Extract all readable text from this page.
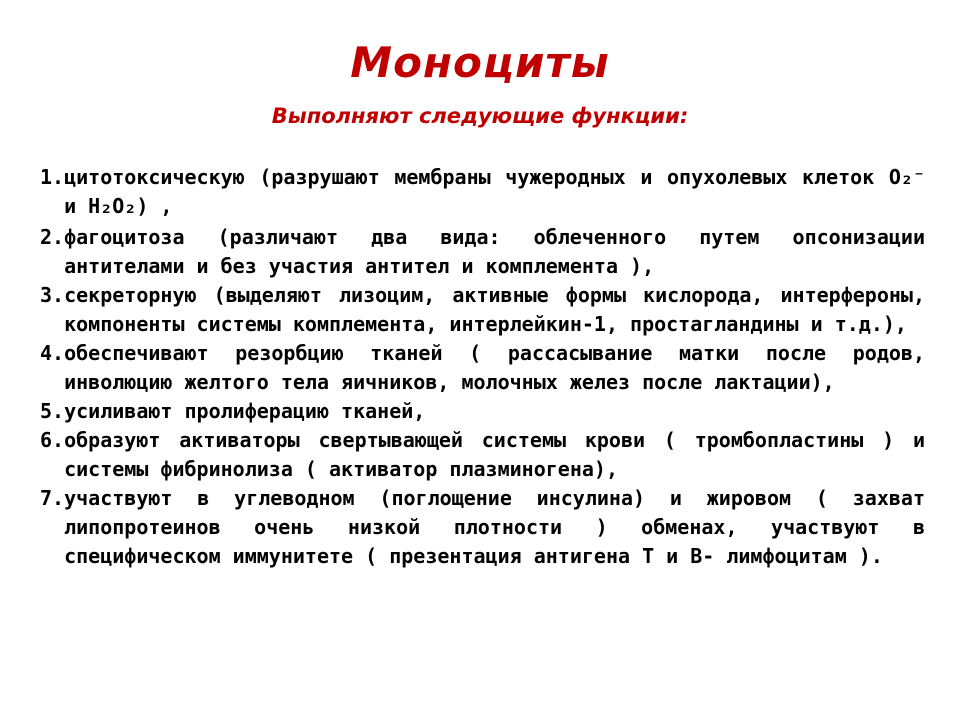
Моноциты
Выполняют следующие функции:
1. цитотоксическую (разрушают мембраны чужеродных и опухолевых клеток О₂⁻ и Н₂О₂) ,
2. фагоцитоза (различают два вида: облеченного путем опсонизации антителами и без участия антител и комплемента ),
3. секреторную (выделяют лизоцим, активные формы кислорода, интерфероны, компоненты системы комплемента, интерлейкин-1, простагландины и т.д.),
4. обеспечивают резорбцию тканей ( рассасывание матки после родов, инволюцию желтого тела яичников, молочных желез после лактации),
5. усиливают пролиферацию тканей,
6. образуют активаторы свертывающей системы крови ( тромбопластины ) и системы фибринолиза ( активатор плазминогена),
7. участвуют в углеводном (поглощение инсулина) и жировом ( захват липопротеинов очень низкой плотности ) обменах, участвуют в специфическом иммунитете ( презентация антигена Т и В- лимфоцитам ).
